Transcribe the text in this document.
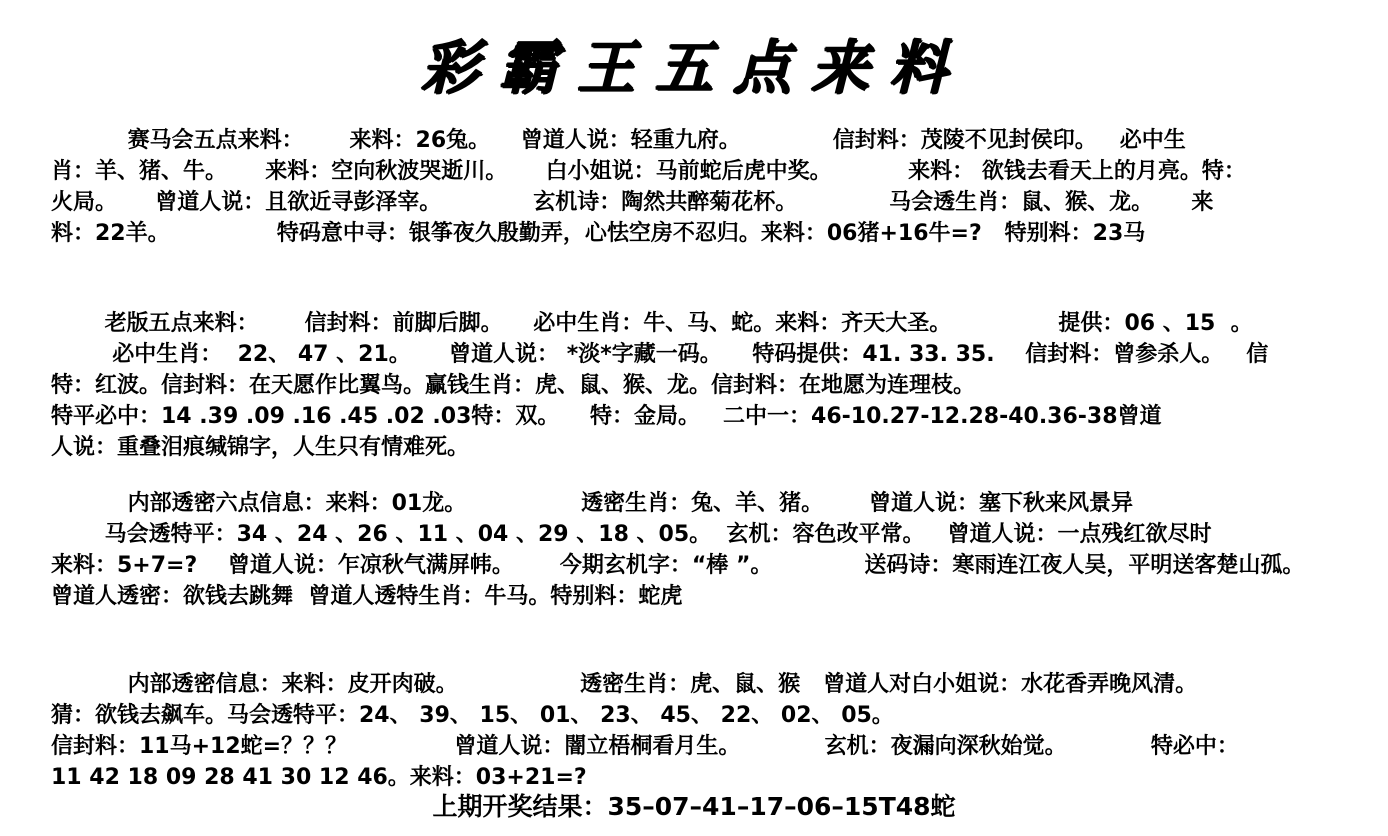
彩霸王五点来料
赛马会五点来料：      来料：26兔。    曾道人说：轻重九府。            信封料：茂陵不见封侯印。   必中生
肖：羊、猪、牛。     来料：空向秋波哭逝川。     白小姐说：马前蛇后虎中奖。          来料： 欲钱去看天上的月亮。特：
火局。     曾道人说：且欲近寻彭泽宰。            玄机诗：陶然共醉菊花杯。            马会透生肖：鼠、猴、龙。     来
料：22羊。              特码意中寻：银筝夜久殷勤弄，心怯空房不忍归。来料：06猪+16牛=?   特别料：23马
老版五点来料：      信封料：前脚后脚。    必中生肖：牛、马、蛇。来料：齐天大圣。              提供：06 、15  。
必中生肖：  22、 47 、21。     曾道人说： *淡*字藏一码。    特码提供：41. 33. 35.    信封料：曾参杀人。   信
特：红波。信封料：在天愿作比翼鸟。赢钱生肖：虎、鼠、猴、龙。信封料：在地愿为连理枝。
特平必中：14 .39 .09 .16 .45 .02 .03特：双。    特：金局。   二中一：46-10.27-12.28-40.36-38曾道
人说：重叠泪痕缄锦字，人生只有情难死。
内部透密六点信息：来料：01龙。               透密生肖：兔、羊、猪。      曾道人说：塞下秋来风景异
马会透特平：34 、24 、26 、11 、04 、29 、18 、05。  玄机：容色改平常。   曾道人说：一点残红欲尽时
来料：5+7=?    曾道人说：乍凉秋气满屏帏。      今期玄机字：“棒 ”。            送码诗：寒雨连江夜人吴，平明送客楚山孤。
曾道人透密：欲钱去跳舞  曾道人透特生肖：牛马。特别料：蛇虎
内部透密信息：来料：皮开肉破。                透密生肖：虎、鼠、猴   曾道人对白小姐说：水花香弄晚风清。
猜：欲钱去飙车。马会透特平：24、 39、 15、 01、 23、 45、 22、 02、 05。
信封料：11马+12蛇=？？？              曾道人说：闇立梧桐看月生。           玄机：夜漏向深秋始觉。           特必中：
11 42 18 09 28 41 30 12 46。来料：03+21=?
上期开奖结果：35–07–41–17–06–15T48蛇
